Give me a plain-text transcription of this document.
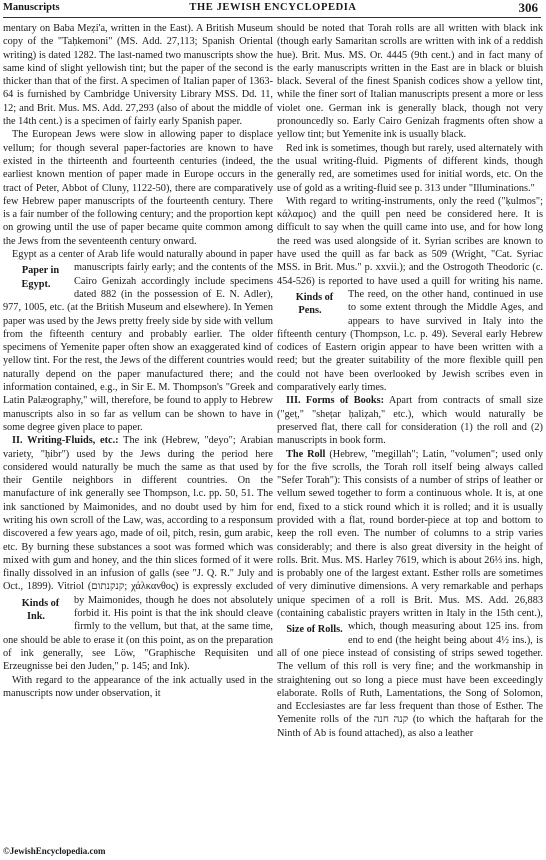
Manuscripts	THE JEWISH ENCYCLOPEDIA	306

mentary on Baba Meẓi'a, written in the East). A British Museum copy of the "Taḥkemoni" (MS. Add. 27,113; Spanish Oriental writing) is dated 1282. The last-named two manuscripts show the same kind of slight yellowish tint; but the paper of the second is thicker than that of the first. A specimen of Italian paper of 1363-64 is furnished by Cambridge University Library MSS. Dd. 11, 12; and Brit. Mus. MS. Add. 27,293 (also of about the middle of the 14th cent.) is a specimen of fairly early Spanish paper.

The European Jews were slow in allowing paper to displace vellum; for though several paper-factories are known to have existed in the thirteenth and fourteenth centuries (indeed, the earliest known mention of paper made in Europe occurs in the tract of Peter, Abbot of Cluny, 1122-50), there are comparatively few Hebrew paper manuscripts of the fourteenth century. There is a fair number of the following century; and the proportion kept on growing until the use of paper became quite common among the Jews from the seventeenth century onward.

Egypt as a center of Arab life would naturally abound in paper manuscripts fairly early; and the
Paper in Egypt.
contents of the Cairo Genizah accordingly include specimens dated 882 (in the possession of E. N. Adler), 977, 1005, etc. (at the British Museum and elsewhere). In Yemen paper was used by the Jews pretty freely side by side with vellum from the fifteenth century and probably earlier. The older specimens of Yemenite paper often show an exaggerated kind of yellow tint. For the rest, the Jews of the different countries would naturally depend on the paper manufactured there; and the information contained, e.g., in Sir E. M. Thompson's "Greek and Latin Palæography," will, therefore, be found to apply to Hebrew manuscripts also in so far as vellum can be shown to have in some degree given place to paper.

II. Writing-Fluids, etc.: The ink (Hebrew, "deyo"; Arabian variety, "ḥibr") used by the Jews during the period here considered would naturally be much the same as that used by their Gentile neighbors in different countries. On the manufacture of ink generally see Thompson, l.c. pp. 50, 51. The ink sanctioned by Maimonides, and no doubt used by him for writing his own scroll of the Law, was, according to a responsum discovered a few years ago, made of oil, pitch, resin, gum arabic, etc. By burning these substances a soot was formed which was mixed with gum and honey, and the thin slices formed of it were finally dissolved in an infusion of galls (see "J. Q. R." July and Oct., 1899). Vitriol (קנקנתום; χάλκανθος) is expressly excluded by Maimonides, though he does not absolutely
Kinds of Ink.	forbid it. His point is that the ink should cleave firmly to the vellum, but that, at the same time, one should be able to erase it (on this point, as on the preparation of ink generally, see Löw, "Graphische Requisiten und Erzeugnisse bei den Juden," p. 145; and Ink).

With regard to the appearance of the ink actually used in the manuscripts now under observation, it

should be noted that Torah rolls are all written with black ink (though early Samaritan scrolls are written with ink of a reddish hue). Brit. Mus. MS. Or. 4445 (9th cent.) and in fact many of the early manuscripts written in the East are in black or bluish black. Several of the finest Spanish codices show a yellow tint, while the finer sort of Italian manuscripts present a more or less violet one. German ink is generally black, though not very pronouncedly so. Early Cairo Genizah fragments often show a yellow tint; but Yemenite ink is usually black.

Red ink is sometimes, though but rarely, used alternately with the usual writing-fluid. Pigments of different kinds, though generally red, are sometimes used for initial words, etc. On the use of gold as a writing-fluid see p. 313 under "Illuminations."

With regard to writing-instruments, only the reed ("ḳulmos"; κάλαμος) and the quill pen need be considered here. It is difficult to say when the quill came into use, and for how long the reed was used alongside of it. Syrian scribes are known to have used the quill as far back as 509 (Wright, "Cat. Syriac MSS. in Brit. Mus." p. xxvii.); and the Ostrogoth Theodoric (c. 454-526) is reported to have used a quill for writing his name. The reed, on the
Kinds of Pens.
other hand, continued in use to some extent through the Middle Ages, and appears to have survived in Italy into the fifteenth century (Thompson, l.c. p. 49). Several early Hebrew codices of Eastern origin appear to have been written with a reed; but the greater suitability of the more flexible quill pen could not have been overlooked by Jewish scribes even in comparatively early times.

III. Forms of Books: Apart from contracts of small size ("geṭ," "sheṭar ḥaliẓah," etc.), which would naturally be preserved flat, there call for consideration (1) the roll and (2) manuscripts in book form.

The Roll (Hebrew, "megillah"; Latin, "volumen"; used only for the five scrolls, the Torah roll itself being always called "Sefer Torah"): This consists of a number of strips of leather or vellum sewed together to form a continuous whole. It is, at one end, fixed to a stick round which it is rolled; and it is usually provided with a flat, round border-piece at top and bottom to keep the roll even. The number of columns to a strip varies considerably; and there is also great diversity in the height of rolls. Brit. Mus. MS. Harley 7619, which is about 26⅓ ins. high, is probably one of the largest extant. Esther rolls are sometimes of very diminutive dimensions. A very remarkable and perhaps unique specimen of a roll is Brit. Mus. MS. Add. 26,883 (containing cabalistic prayers written in Italy in the 15th cent.), which,
Size of Rolls.	though measuring about 125 ins. from end to end (the height being about 4½ ins.), is all of one piece instead of consisting of strips sewed together. The vellum of this roll is very fine; and the workmanship in straightening out so long a piece must have been exceedingly elaborate. Rolls of Ruth, Lamentations, the Song of Solomon, and Ecclesiastes are far less frequent than those of Esther. The Yemenite rolls of the קנה חנה (to which the hafṭarah for the Ninth of Ab is found attached), as also a leather

©JewishEncyclopedia.com
